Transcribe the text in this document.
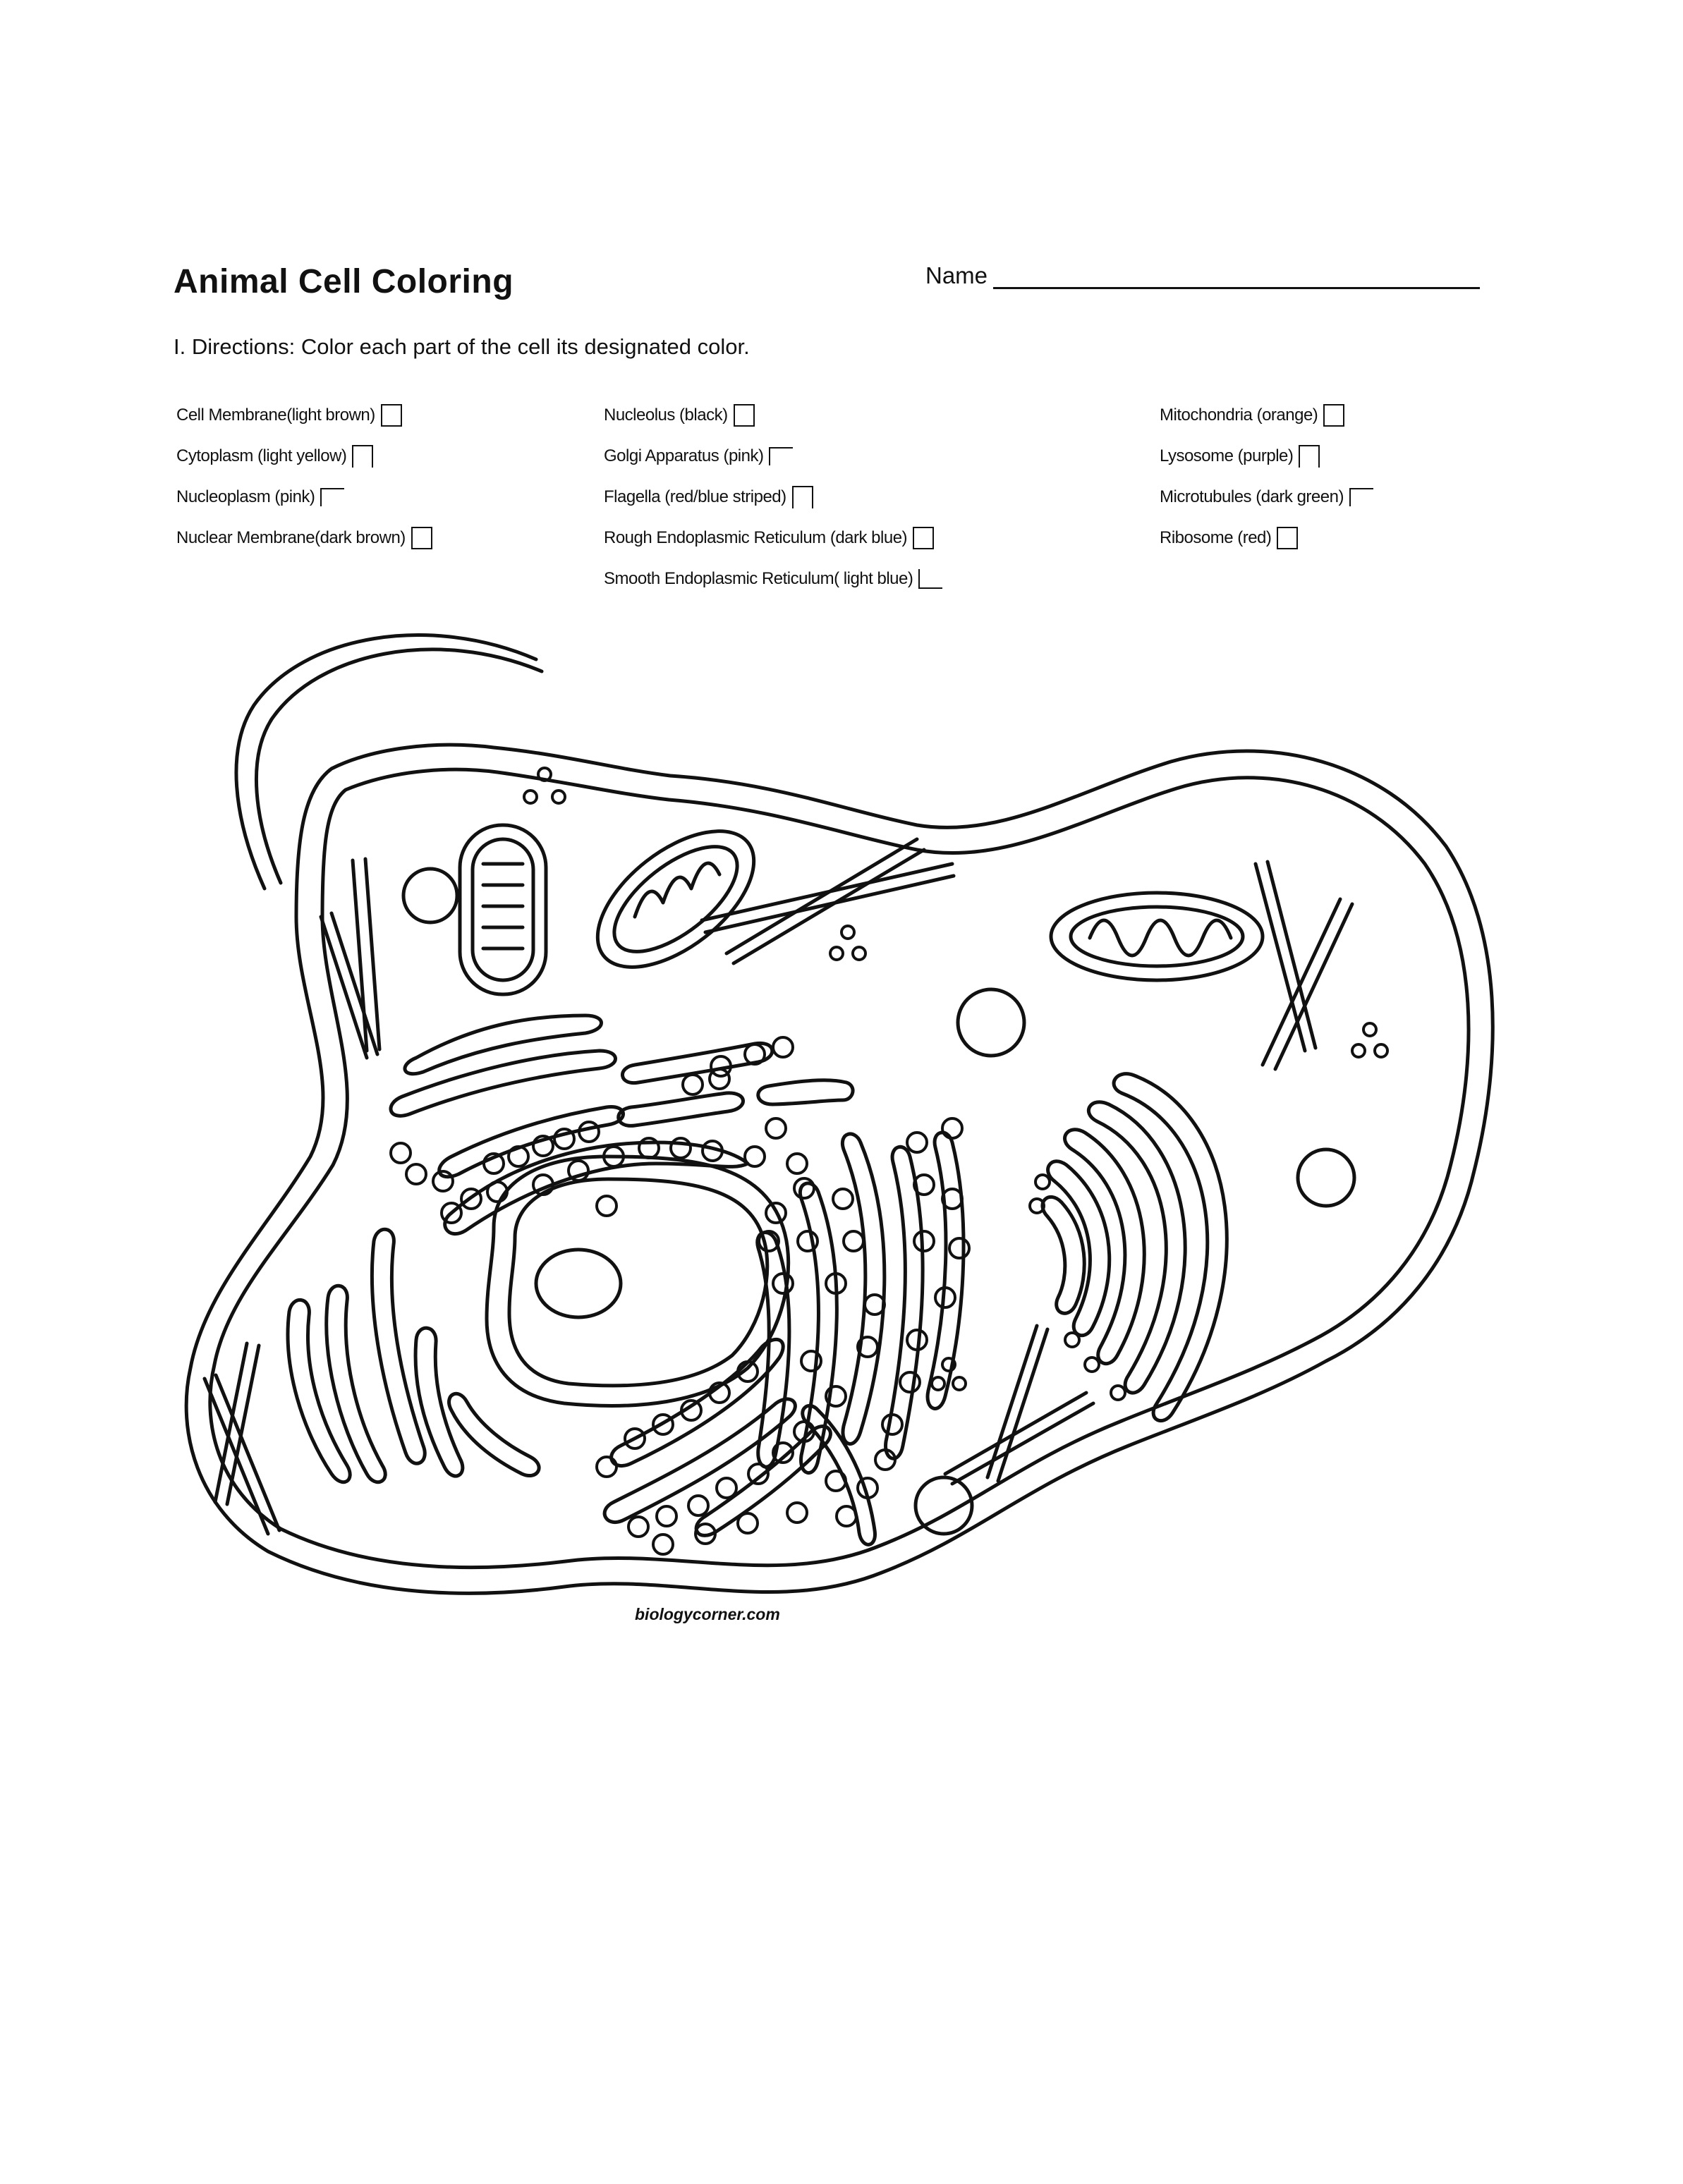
Animal Cell Coloring	Name
I. Directions: Color each part of the cell its designated color.
Cell Membrane(light brown)
Cytoplasm (light yellow)
Nucleoplasm (pink)
Nuclear Membrane(dark brown)
Nucleolus (black)
Golgi Apparatus (pink)
Flagella (red/blue striped)
Rough Endoplasmic Reticulum (dark blue)
Smooth Endoplasmic Reticulum( light blue)
Mitochondria (orange)
Lysosome (purple)
Microtubules (dark green)
Ribosome (red)
biologycorner.com
